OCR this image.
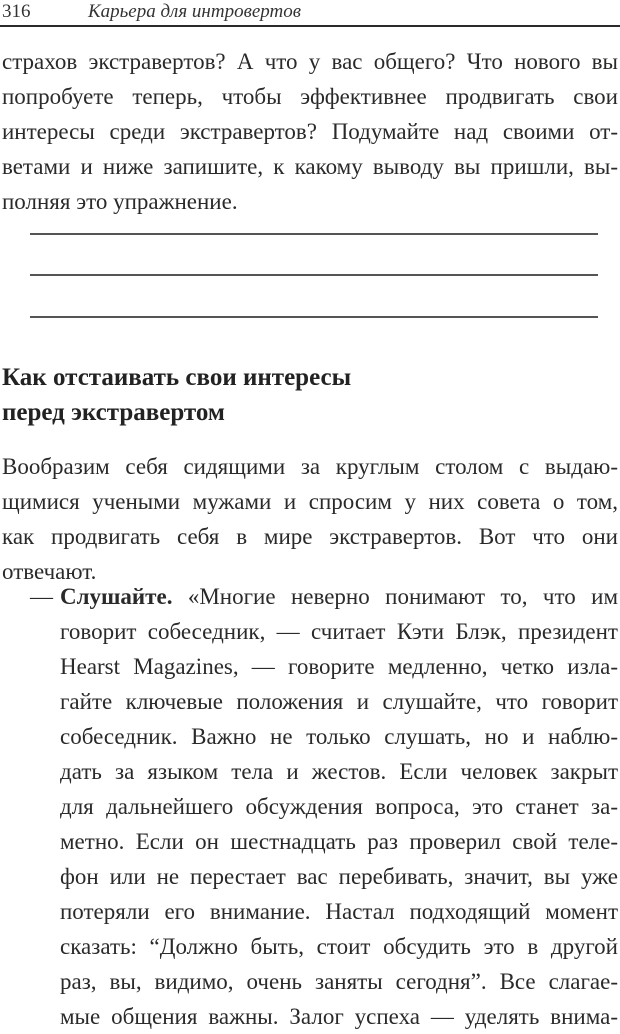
316	Карьера для интровертов
страхов экстравертов? А что у вас общего? Что нового вы
попробуете теперь, чтобы эффективнее продвигать свои
интересы среди экстравертов? Подумайте над своими от-
ветами и ниже запишите, к какому выводу вы пришли, вы-
полняя это упражнение.
Как отстаивать свои интересы
перед экстравертом
Вообразим себя сидящими за круглым столом с выдаю-
щимися учеными мужами и спросим у них совета о том,
как продвигать себя в мире экстравертов. Вот что они
отвечают.
— Слушайте. «Многие неверно понимают то, что им
говорит собеседник, — считает Кэти Блэк, президент
Hearst Magazines, — говорите медленно, четко изла-
гайте ключевые положения и слушайте, что говорит
собеседник. Важно не только слушать, но и наблю-
дать за языком тела и жестов. Если человек закрыт
для дальнейшего обсуждения вопроса, это станет за-
метно. Если он шестнадцать раз проверил свой теле-
фон или не перестает вас перебивать, значит, вы уже
потеряли его внимание. Настал подходящий момент
сказать: “Должно быть, стоит обсудить это в другой
раз, вы, видимо, очень заняты сегодня”. Все слагае-
мые общения важны. Залог успеха — уделять внима-
